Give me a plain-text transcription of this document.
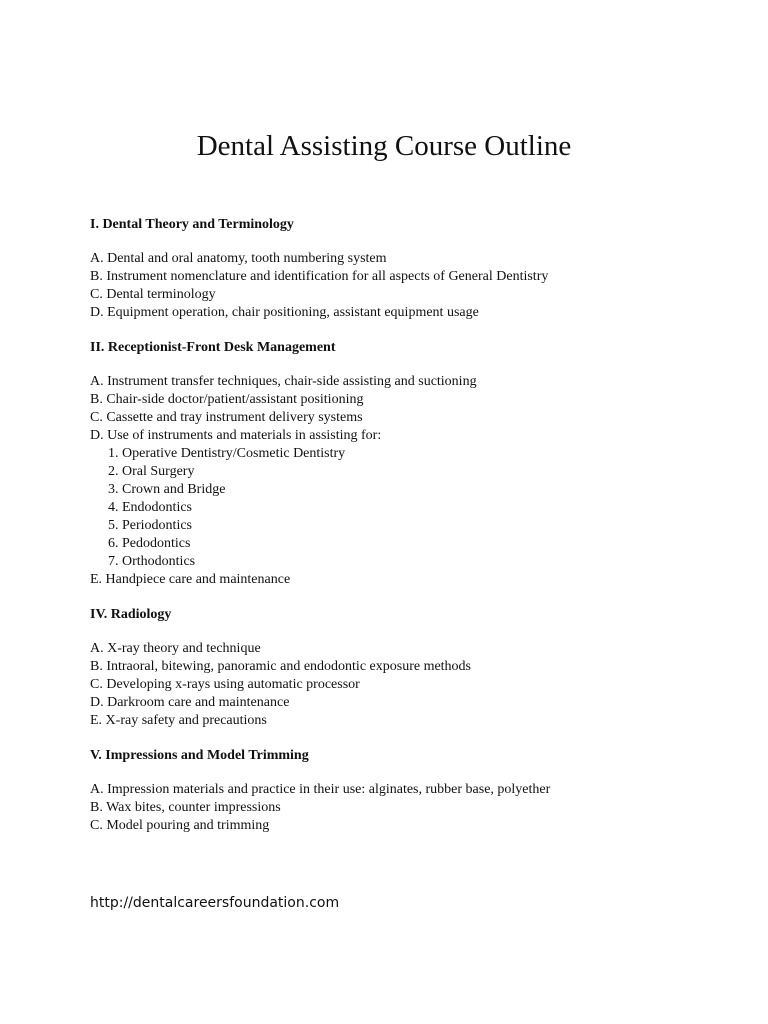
Dental Assisting Course Outline
I. Dental Theory and Terminology
A. Dental and oral anatomy, tooth numbering system
B. Instrument nomenclature and identification for all aspects of General Dentistry
C. Dental terminology
D. Equipment operation, chair positioning, assistant equipment usage
II. Receptionist-Front Desk Management
A. Instrument transfer techniques, chair-side assisting and suctioning
B. Chair-side doctor/patient/assistant positioning
C. Cassette and tray instrument delivery systems
D. Use of instruments and materials in assisting for:
1. Operative Dentistry/Cosmetic Dentistry
2. Oral Surgery
3. Crown and Bridge
4. Endodontics
5. Periodontics
6. Pedodontics
7. Orthodontics
E. Handpiece care and maintenance
IV. Radiology
A. X-ray theory and technique
B. Intraoral, bitewing, panoramic and endodontic exposure methods
C. Developing x-rays using automatic processor
D. Darkroom care and maintenance
E. X-ray safety and precautions
V. Impressions and Model Trimming
A. Impression materials and practice in their use: alginates, rubber base, polyether
B. Wax bites, counter impressions
C. Model pouring and trimming
http://dentalcareersfoundation.com
